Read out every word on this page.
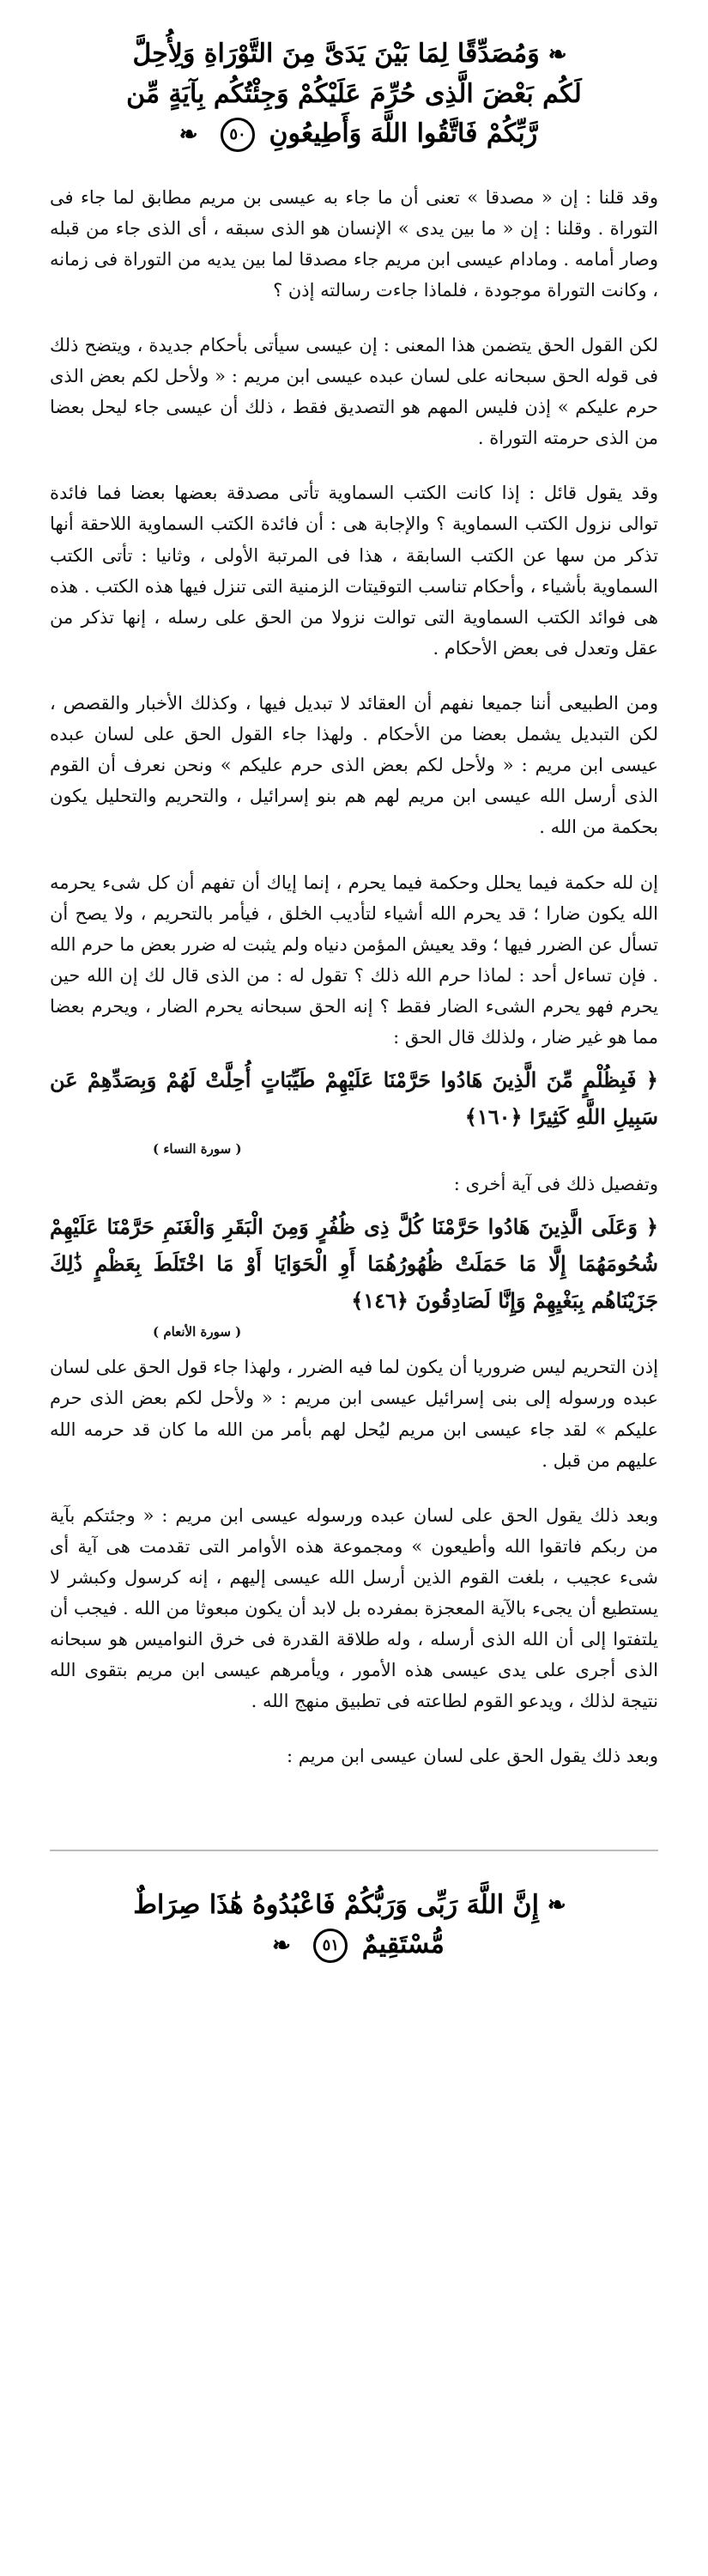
❧وَمُصَدِّقًا لِمَا بَيْنَ يَدَىَّ مِنَ التَّوْرَاةِ وَلِأُحِلَّ
لَكُم بَعْضَ الَّذِى حُرِّمَ عَلَيْكُمْ وَجِئْتُكُم بِآيَةٍ مِّن
رَّبِّكُمْ فَاتَّقُوا اللَّهَ وَأَطِيعُونِ ٥٠ ❧

وقد قلنا : إن « مصدقا » تعنى أن ما جاء به عيسى بن مريم مطابق لما جاء فى التوراة . وقلنا : إن « ما بين يدى » الإنسان هو الذى سبقه ، أى الذى جاء من قبله وصار أمامه . ومادام عيسى ابن مريم جاء مصدقا لما بين يديه من التوراة فى زمانه ، وكانت التوراة موجودة ، فلماذا جاءت رسالته إذن ؟

لكن القول الحق يتضمن هذا المعنى : إن عيسى سيأتى بأحكام جديدة ، ويتضح ذلك فى قوله الحق سبحانه على لسان عبده عيسى ابن مريم : « ولأحل لكم بعض الذى حرم عليكم » إذن فليس المهم هو التصديق فقط ، ذلك أن عيسى جاء ليحل بعضا من الذى حرمته التوراة .

وقد يقول قائل : إذا كانت الكتب السماوية تأتى مصدقة بعضها بعضا فما فائدة توالى نزول الكتب السماوية ؟ والإجابة هى : أن فائدة الكتب السماوية اللاحقة أنها تذكر من سها عن الكتب السابقة ، هذا فى المرتبة الأولى ، وثانيا : تأتى الكتب السماوية بأشياء ، وأحكام تناسب التوقيتات الزمنية التى تنزل فيها هذه الكتب . هذه هى فوائد الكتب السماوية التى توالت نزولا من الحق على رسله ، إنها تذكر من عقل وتعدل فى بعض الأحكام .

ومن الطبيعى أننا جميعا نفهم أن العقائد لا تبديل فيها ، وكذلك الأخبار والقصص ، لكن التبديل يشمل بعضا من الأحكام . ولهذا جاء القول الحق على لسان عبده عيسى ابن مريم : « ولأحل لكم بعض الذى حرم عليكم » ونحن نعرف أن القوم الذى أرسل الله عيسى ابن مريم لهم هم بنو إسرائيل ، والتحريم والتحليل يكون بحكمة من الله .

إن لله حكمة فيما يحلل وحكمة فيما يحرم ، إنما إياك أن تفهم أن كل شىء يحرمه الله يكون ضارا ؛ قد يحرم الله أشياء لتأديب الخلق ، فيأمر بالتحريم ، ولا يصح أن تسأل عن الضرر فيها ؛ وقد يعيش المؤمن دنياه ولم يثبت له ضرر بعض ما حرم الله . فإن تساءل أحد : لماذا حرم الله ذلك ؟ تقول له : من الذى قال لك إن الله حين يحرم فهو يحرم الشىء الضار فقط ؟ إنه الحق سبحانه يحرم الضار ، ويحرم بعضا مما هو غير ضار ، ولذلك قال الحق :

﴿ فَبِظُلْمٍ مِّنَ الَّذِينَ هَادُوا حَرَّمْنَا عَلَيْهِمْ طَيِّبَاتٍ أُحِلَّتْ لَهُمْ وَبِصَدِّهِمْ عَن سَبِيلِ اللَّهِ كَثِيرًا ﴿١٦٠﴾
( سورة النساء )

وتفصيل ذلك فى آية أخرى :

﴿ وَعَلَى الَّذِينَ هَادُوا حَرَّمْنَا كُلَّ ذِى ظُفُرٍ وَمِنَ الْبَقَرِ وَالْغَنَمِ حَرَّمْنَا عَلَيْهِمْ شُحُومَهُمَا إِلَّا مَا حَمَلَتْ ظُهُورُهُمَا أَوِ الْحَوَايَا أَوْ مَا اخْتَلَطَ بِعَظْمٍ ذَٰلِكَ جَزَيْنَاهُم بِبَغْيِهِمْ وَإِنَّا لَصَادِقُونَ ﴿١٤٦﴾
( سورة الأنعام )

إذن التحريم ليس ضروريا أن يكون لما فيه الضرر ، ولهذا جاء قول الحق على لسان عبده ورسوله إلى بنى إسرائيل عيسى ابن مريم : « ولأحل لكم بعض الذى حرم عليكم » لقد جاء عيسى ابن مريم ليُحل لهم بأمر من الله ما كان قد حرمه الله عليهم من قبل .

وبعد ذلك يقول الحق على لسان عبده ورسوله عيسى ابن مريم : « وجئتكم بآية من ربكم فاتقوا الله وأطيعون » ومجموعة هذه الأوامر التى تقدمت هى آية أى شىء عجيب ، بلغت القوم الذين أرسل الله عيسى إليهم ، إنه كرسول وكبشر لا يستطيع أن يجىء بالآية المعجزة بمفرده بل لابد أن يكون مبعوثا من الله . فيجب أن يلتفتوا إلى أن الله الذى أرسله ، وله طلاقة القدرة فى خرق النواميس هو سبحانه الذى أجرى على يدى عيسى هذه الأمور ، ويأمرهم عيسى ابن مريم بتقوى الله نتيجة لذلك ، ويدعو القوم لطاعته فى تطبيق منهج الله .

وبعد ذلك يقول الحق على لسان عيسى ابن مريم :

❧إِنَّ اللَّهَ رَبِّى وَرَبُّكُمْ فَاعْبُدُوهُ هَٰذَا صِرَاطٌ
مُّسْتَقِيمٌ ٥١ ❧
